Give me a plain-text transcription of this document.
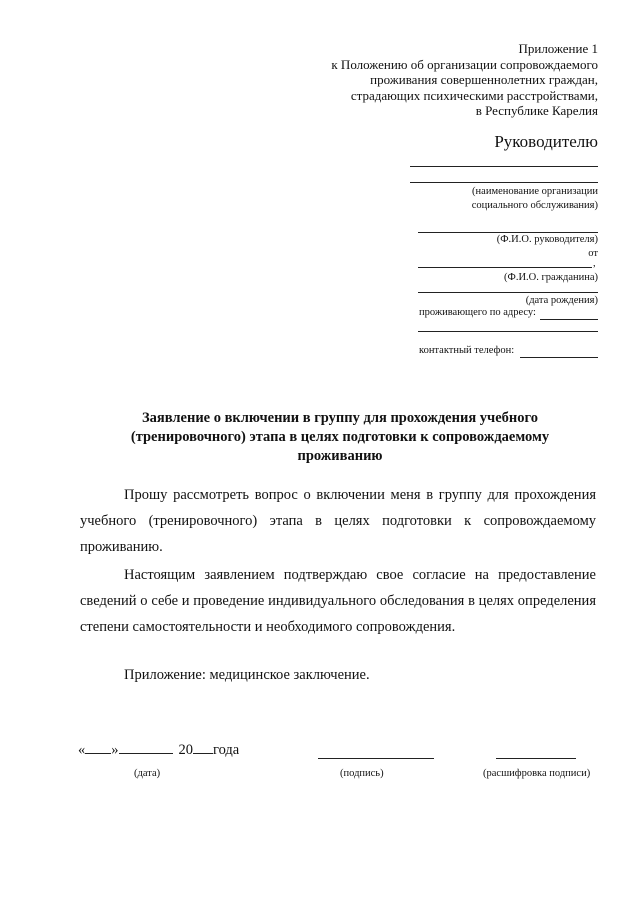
Приложение 1
к Положению об организации сопровождаемого
проживания совершеннолетних граждан,
страдающих психическими расстройствами,
в Республике Карелия
Руководителю
(наименование организации
социального обслуживания)
(Ф.И.О. руководителя)
от
,
(Ф.И.О. гражданина)
(дата рождения)
проживающего по адресу:
контактный телефон:
Заявление о включении в группу для прохождения учебного
(тренировочного) этапа в целях подготовки к сопровождаемому
проживанию
Прошу рассмотреть вопрос о включении меня в группу для прохождения учебного (тренировочного) этапа в целях подготовки к сопровождаемому проживанию.
Настоящим заявлением подтверждаю свое согласие на предоставление сведений о себе и проведение индивидуального обследования в целях определения степени самостоятельности и необходимого сопровождения.
Приложение: медицинское заключение.
« »	20 года
(дата)	(подпись)	(расшифровка подписи)
